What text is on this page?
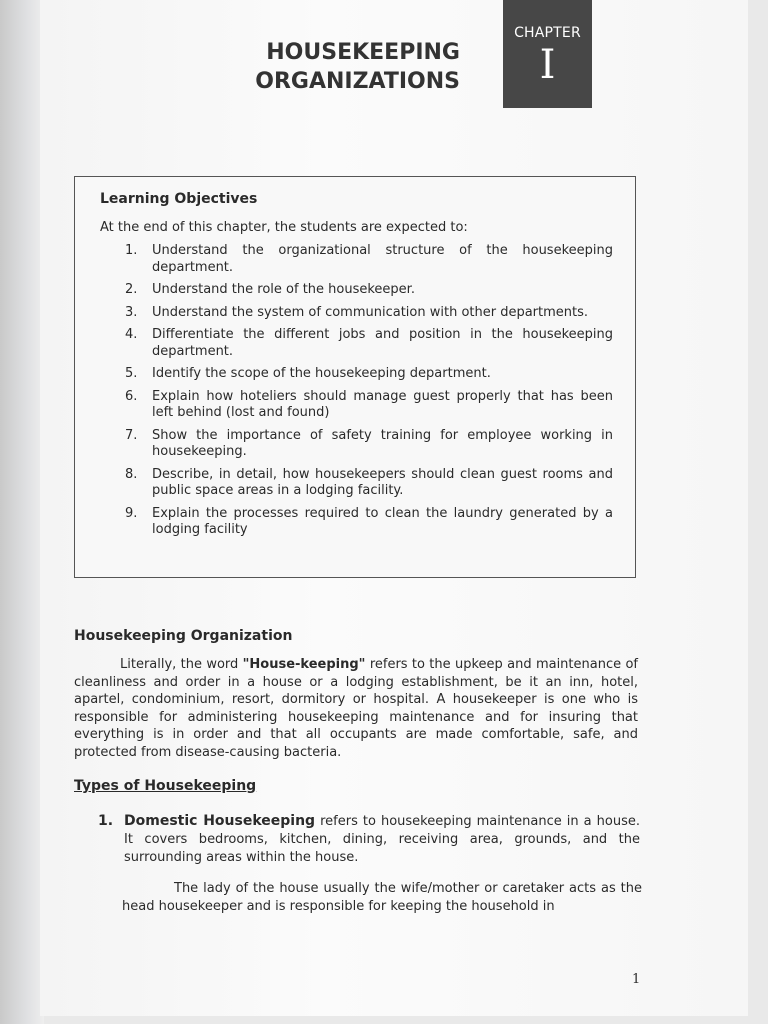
HOUSEKEEPING
ORGANIZATIONS
CHAPTER
I
Learning Objectives
At the end of this chapter, the students are expected to:
1. Understand the organizational structure of the housekeeping department.
2. Understand the role of the housekeeper.
3. Understand the system of communication with other departments.
4. Differentiate the different jobs and position in the housekeeping department.
5. Identify the scope of the housekeeping department.
6. Explain how hoteliers should manage guest properly that has been left behind (lost and found)
7. Show the importance of safety training for employee working in housekeeping.
8. Describe, in detail, how housekeepers should clean guest rooms and public space areas in a lodging facility.
9. Explain the processes required to clean the laundry generated by a lodging facility
Housekeeping Organization
Literally, the word "House-keeping" refers to the upkeep and maintenance of cleanliness and order in a house or a lodging establishment, be it an inn, hotel, apartel, condominium, resort, dormitory or hospital. A housekeeper is one who is responsible for administering housekeeping maintenance and for insuring that everything is in order and that all occupants are made comfortable, safe, and protected from disease-causing bacteria.
Types of Housekeeping
1. Domestic Housekeeping refers to housekeeping maintenance in a house. It covers bedrooms, kitchen, dining, receiving area, grounds, and the surrounding areas within the house.
The lady of the house usually the wife/mother or caretaker acts as the head housekeeper and is responsible for keeping the household in
1
